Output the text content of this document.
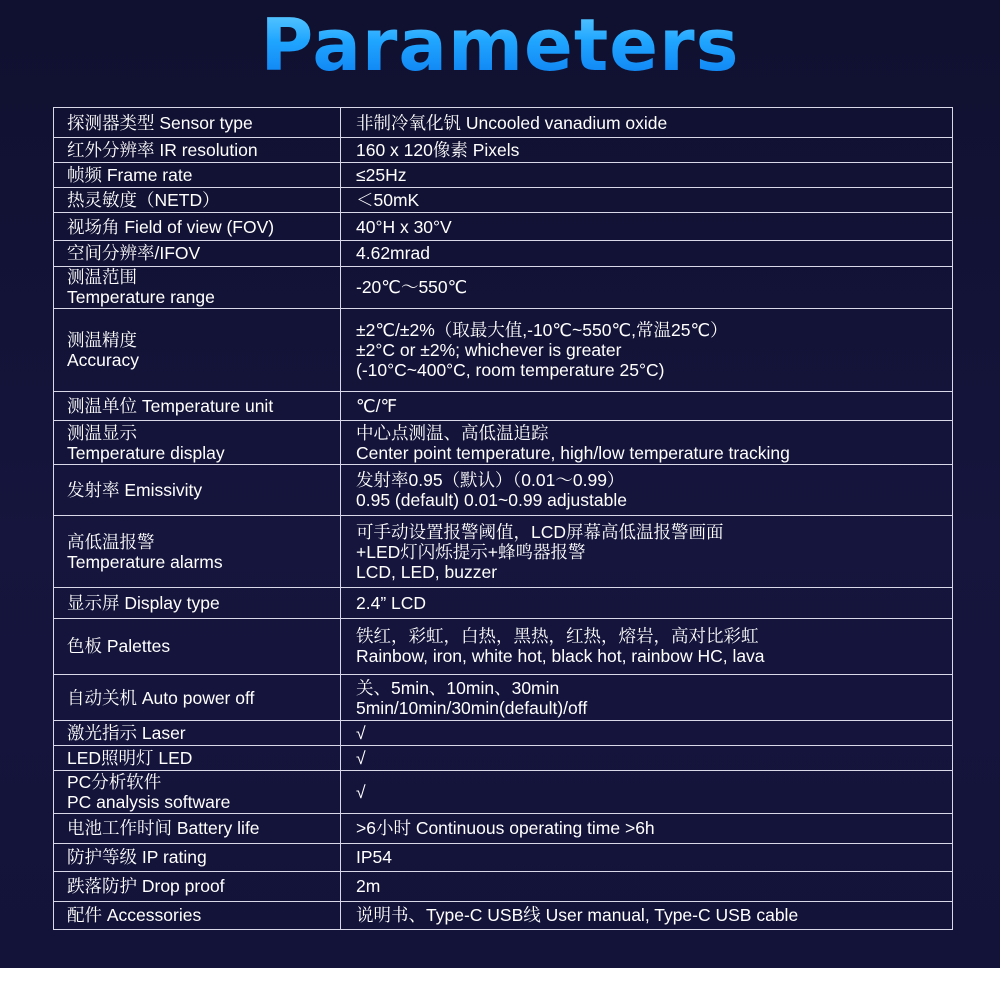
Parameters
探测器类型 Sensor type	非制冷氧化钒 Uncooled vanadium oxide

红外分辨率 IR resolution	160 x 120像素 Pixels

帧频 Frame rate	≤25Hz

热灵敏度（NETD）	＜50mK

视场角 Field of view (FOV)	40°H x 30°V

空间分辨率/IFOV	4.62mrad

测温范围
Temperature range	-20℃～550℃

测温精度
Accuracy	±2℃/±2%（取最大值,-10℃~550℃,常温25℃）
±2°C or ±2%; whichever is greater
(-10°C~400°C, room temperature 25°C)

测温单位 Temperature unit	℃/℉

测温显示
Temperature display	中心点测温、高低温追踪
Center point temperature, high/low temperature tracking

发射率 Emissivity	发射率0.95（默认）（0.01～0.99）
0.95 (default) 0.01~0.99 adjustable

高低温报警
Temperature alarms	可手动设置报警阈值，LCD屏幕高低温报警画面
+LED灯闪烁提示+蜂鸣器报警
LCD, LED, buzzer

显示屏 Display type	2.4” LCD

色板 Palettes	铁红，彩虹，白热，黑热，红热，熔岩，高对比彩虹
Rainbow, iron, white hot, black hot, rainbow HC, lava

自动关机 Auto power off	关、5min、10min、30min
5min/10min/30min(default)/off

激光指示 Laser	√

LED照明灯 LED	√

PC分析软件
PC analysis software	√

电池工作时间 Battery life	>6小时 Continuous operating time >6h

防护等级 IP rating	IP54

跌落防护 Drop proof	2m

配件 Accessories	说明书、Type-C USB线 User manual, Type-C USB cable
